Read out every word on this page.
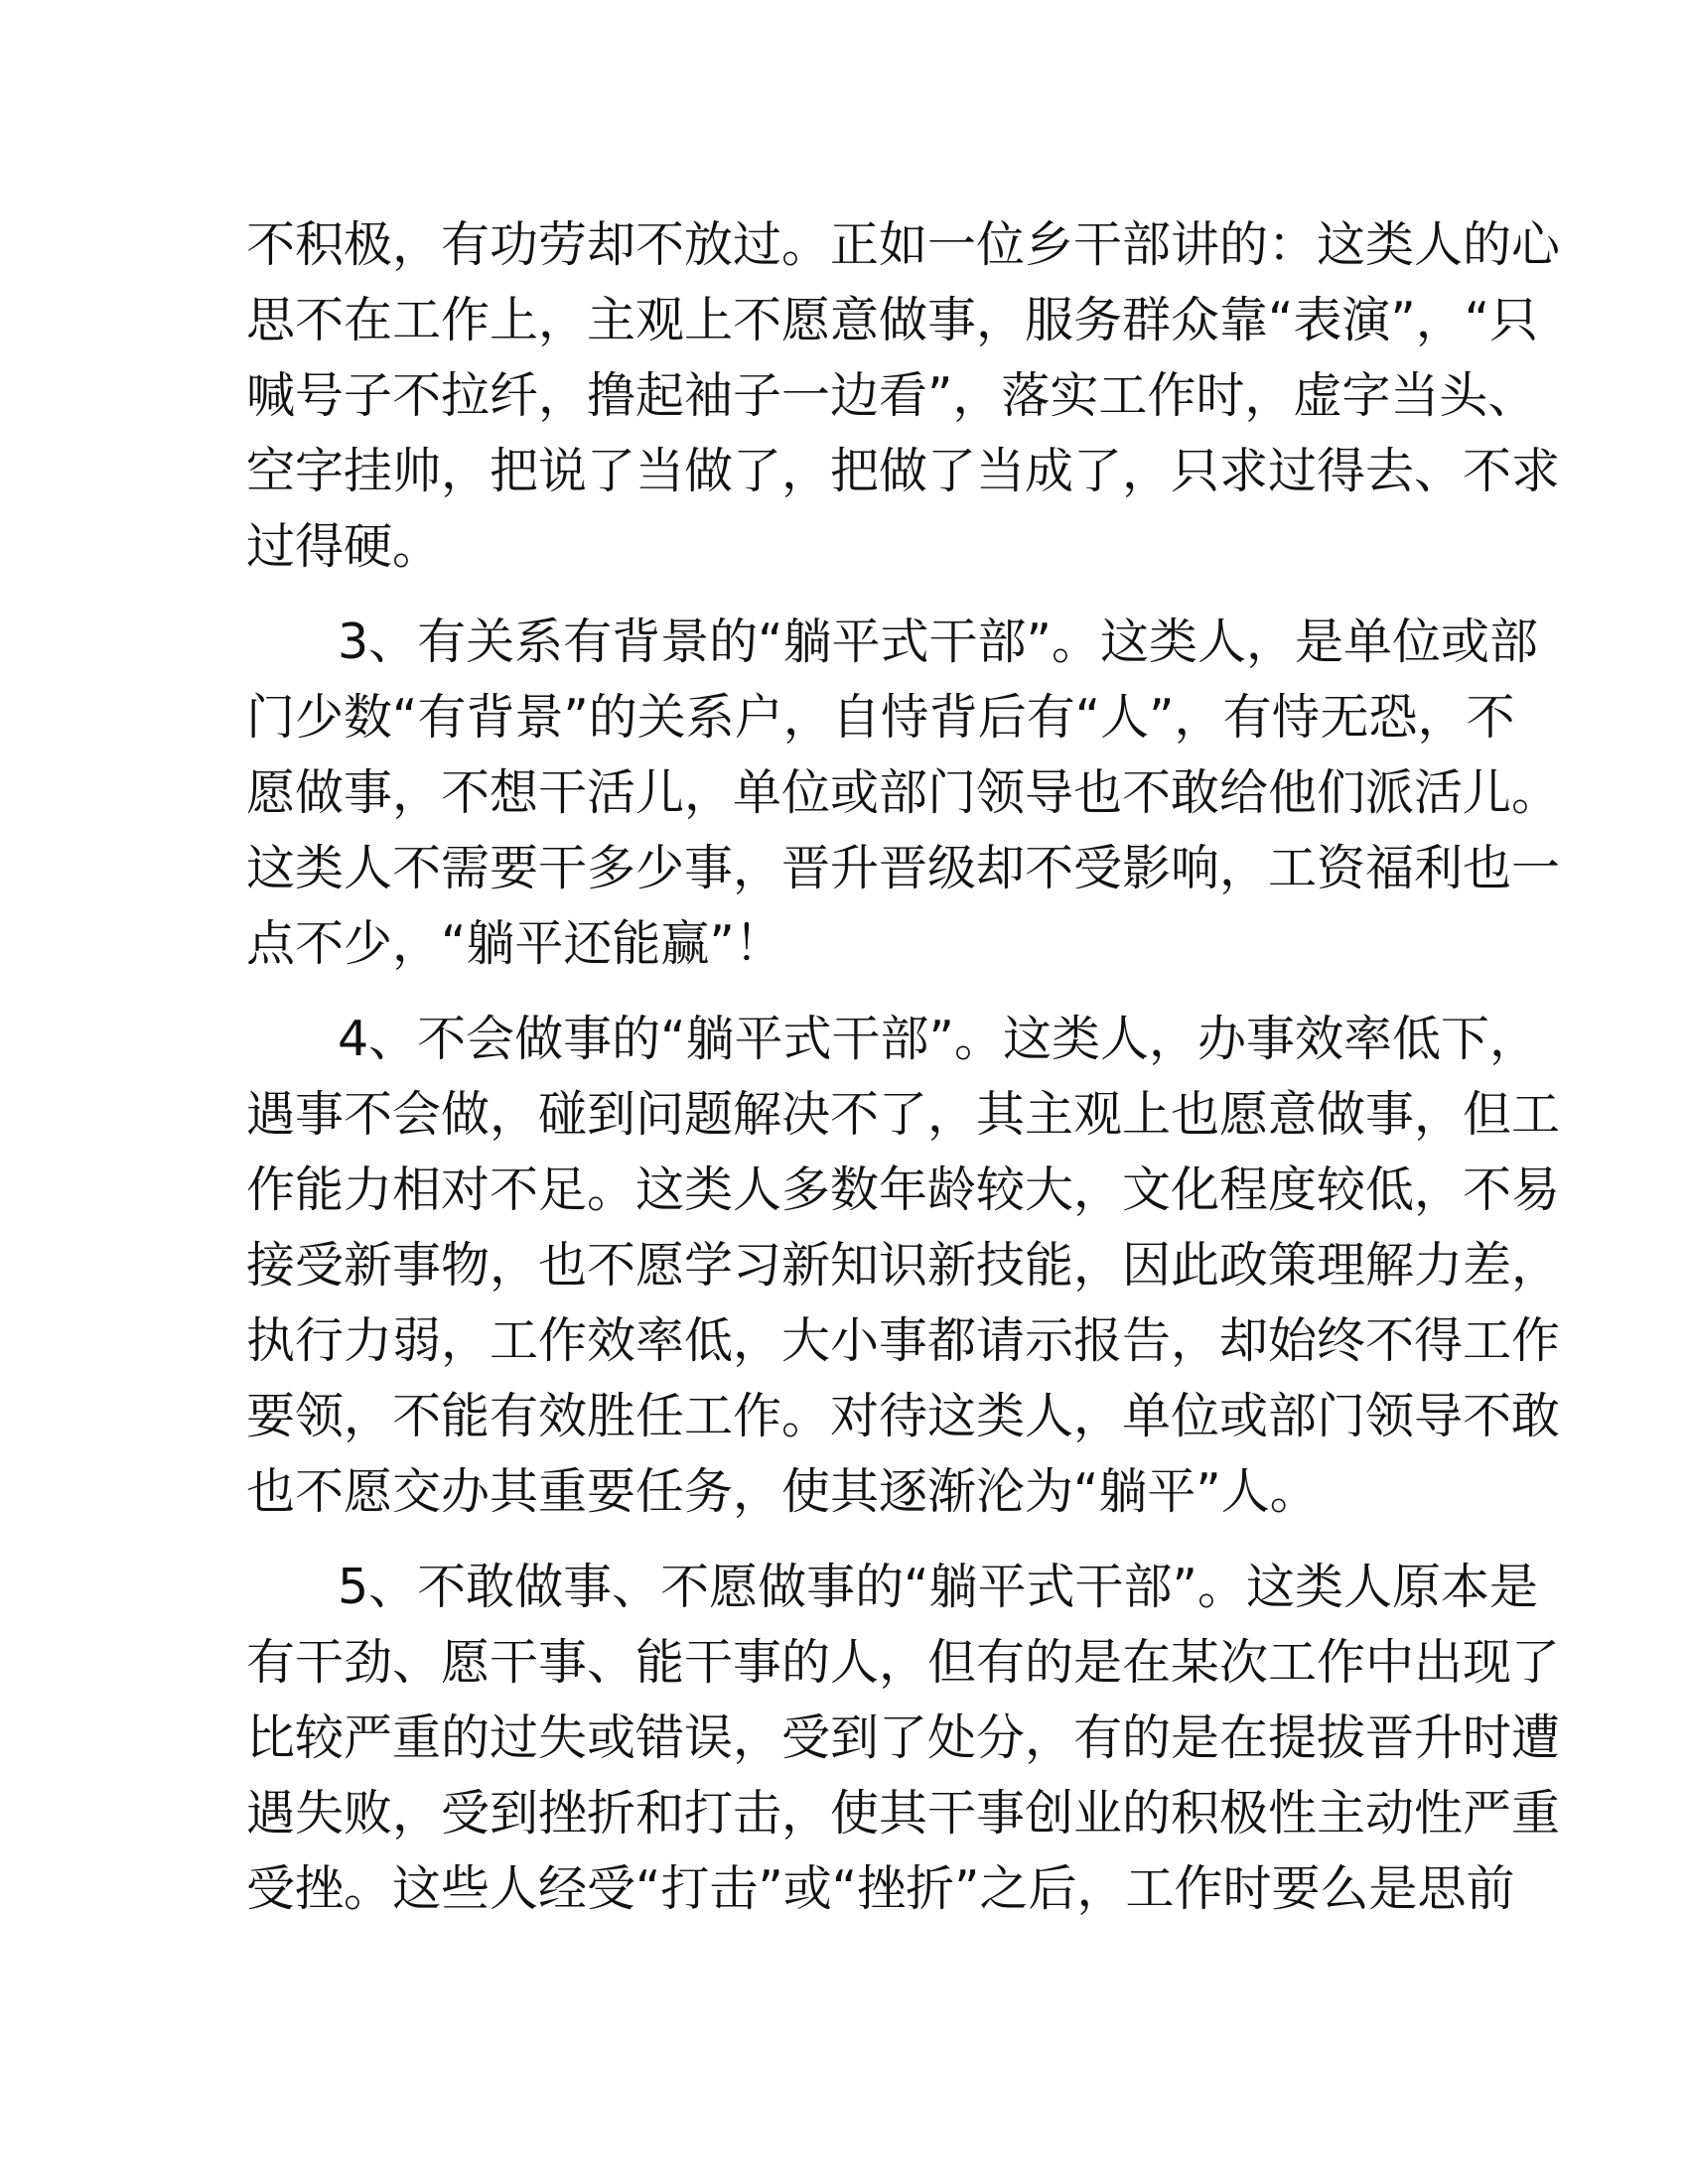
不积极，有功劳却不放过。正如一位乡干部讲的：这类人的心
思不在工作上，主观上不愿意做事，服务群众靠“表演”，“只
喊号子不拉纤，撸起袖子一边看”，落实工作时，虚字当头、
空字挂帅，把说了当做了，把做了当成了，只求过得去、不求
过得硬。
3、有关系有背景的“躺平式干部”。这类人，是单位或部
门少数“有背景”的关系户，自恃背后有“人”，有恃无恐，不
愿做事，不想干活儿，单位或部门领导也不敢给他们派活儿。
这类人不需要干多少事，晋升晋级却不受影响，工资福利也一
点不少，“躺平还能赢”！
4、不会做事的“躺平式干部”。这类人，办事效率低下，
遇事不会做，碰到问题解决不了，其主观上也愿意做事，但工
作能力相对不足。这类人多数年龄较大，文化程度较低，不易
接受新事物，也不愿学习新知识新技能，因此政策理解力差，
执行力弱，工作效率低，大小事都请示报告，却始终不得工作
要领，不能有效胜任工作。对待这类人，单位或部门领导不敢
也不愿交办其重要任务，使其逐渐沦为“躺平”人。
5、不敢做事、不愿做事的“躺平式干部”。这类人原本是
有干劲、愿干事、能干事的人，但有的是在某次工作中出现了
比较严重的过失或错误，受到了处分，有的是在提拔晋升时遭
遇失败，受到挫折和打击，使其干事创业的积极性主动性严重
受挫。这些人经受“打击”或“挫折”之后，工作时要么是思前
